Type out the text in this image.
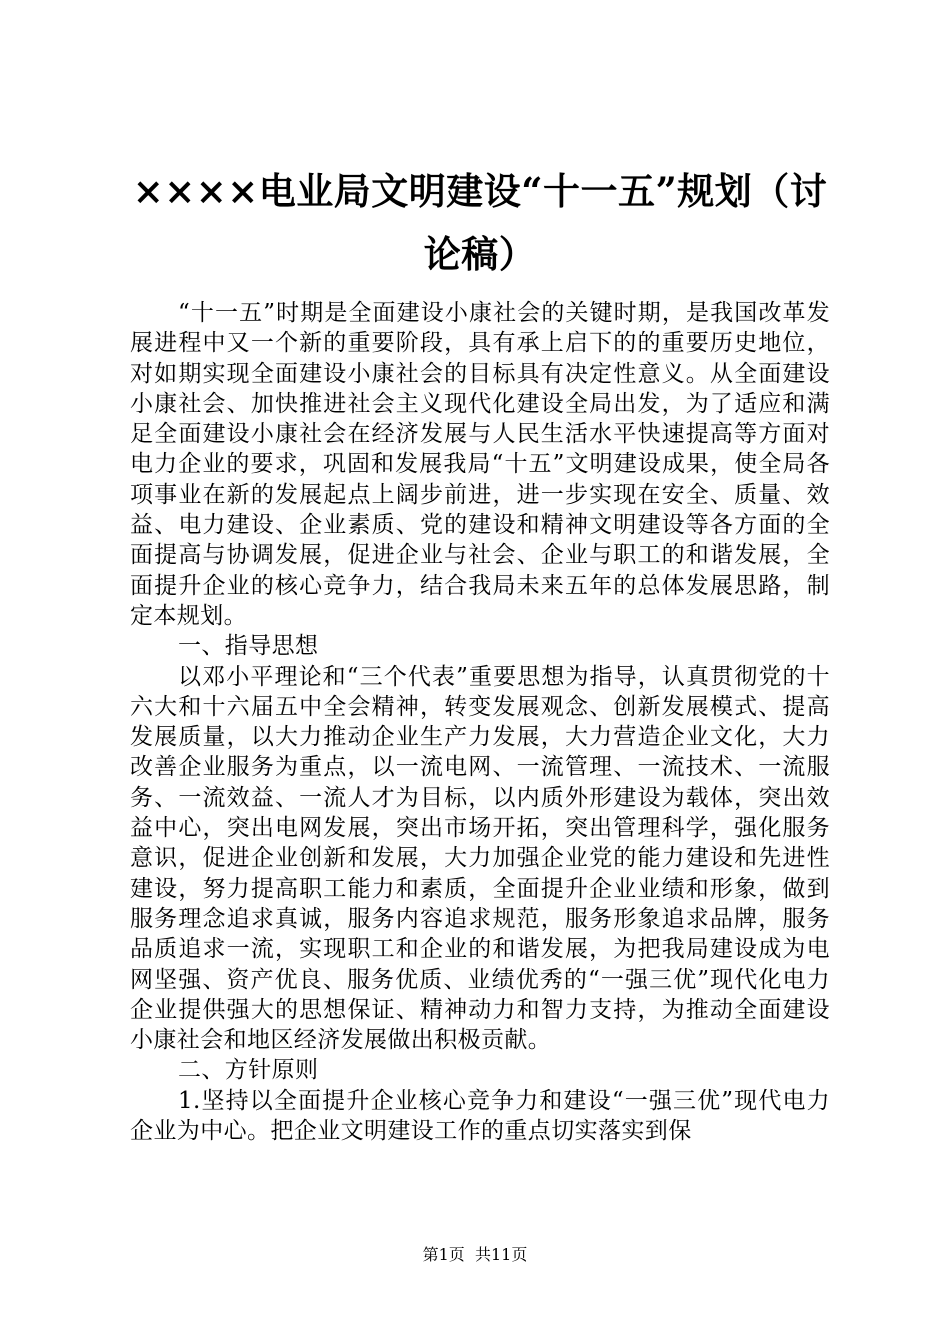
××××电业局文明建设“十一五”规划（讨论稿）

“十一五”时期是全面建设小康社会的关键时期，是我国改革发展进程中又一个新的重要阶段，具有承上启下的的重要历史地位，对如期实现全面建设小康社会的目标具有决定性意义。从全面建设小康社会、加快推进社会主义现代化建设全局出发，为了适应和满足全面建设小康社会在经济发展与人民生活水平快速提高等方面对电力企业的要求，巩固和发展我局“十五”文明建设成果，使全局各项事业在新的发展起点上阔步前进，进一步实现在安全、质量、效益、电力建设、企业素质、党的建设和精神文明建设等各方面的全面提高与协调发展，促进企业与社会、企业与职工的和谐发展，全面提升企业的核心竞争力，结合我局未来五年的总体发展思路，制定本规划。

一、指导思想

以邓小平理论和“三个代表”重要思想为指导，认真贯彻党的十六大和十六届五中全会精神，转变发展观念、创新发展模式、提高发展质量，以大力推动企业生产力发展，大力营造企业文化，大力改善企业服务为重点，以一流电网、一流管理、一流技术、一流服务、一流效益、一流人才为目标，以内质外形建设为载体，突出效益中心，突出电网发展，突出市场开拓，突出管理科学，强化服务意识，促进企业创新和发展，大力加强企业党的能力建设和先进性建设，努力提高职工能力和素质，全面提升企业业绩和形象，做到服务理念追求真诚，服务内容追求规范，服务形象追求品牌，服务品质追求一流，实现职工和企业的和谐发展，为把我局建设成为电网坚强、资产优良、服务优质、业绩优秀的“一强三优”现代化电力企业提供强大的思想保证、精神动力和智力支持，为推动全面建设小康社会和地区经济发展做出积极贡献。

二、方针原则

1.坚持以全面提升企业核心竞争力和建设“一强三优”现代电力企业为中心。把企业文明建设工作的重点切实落实到保

第1页 共11页
